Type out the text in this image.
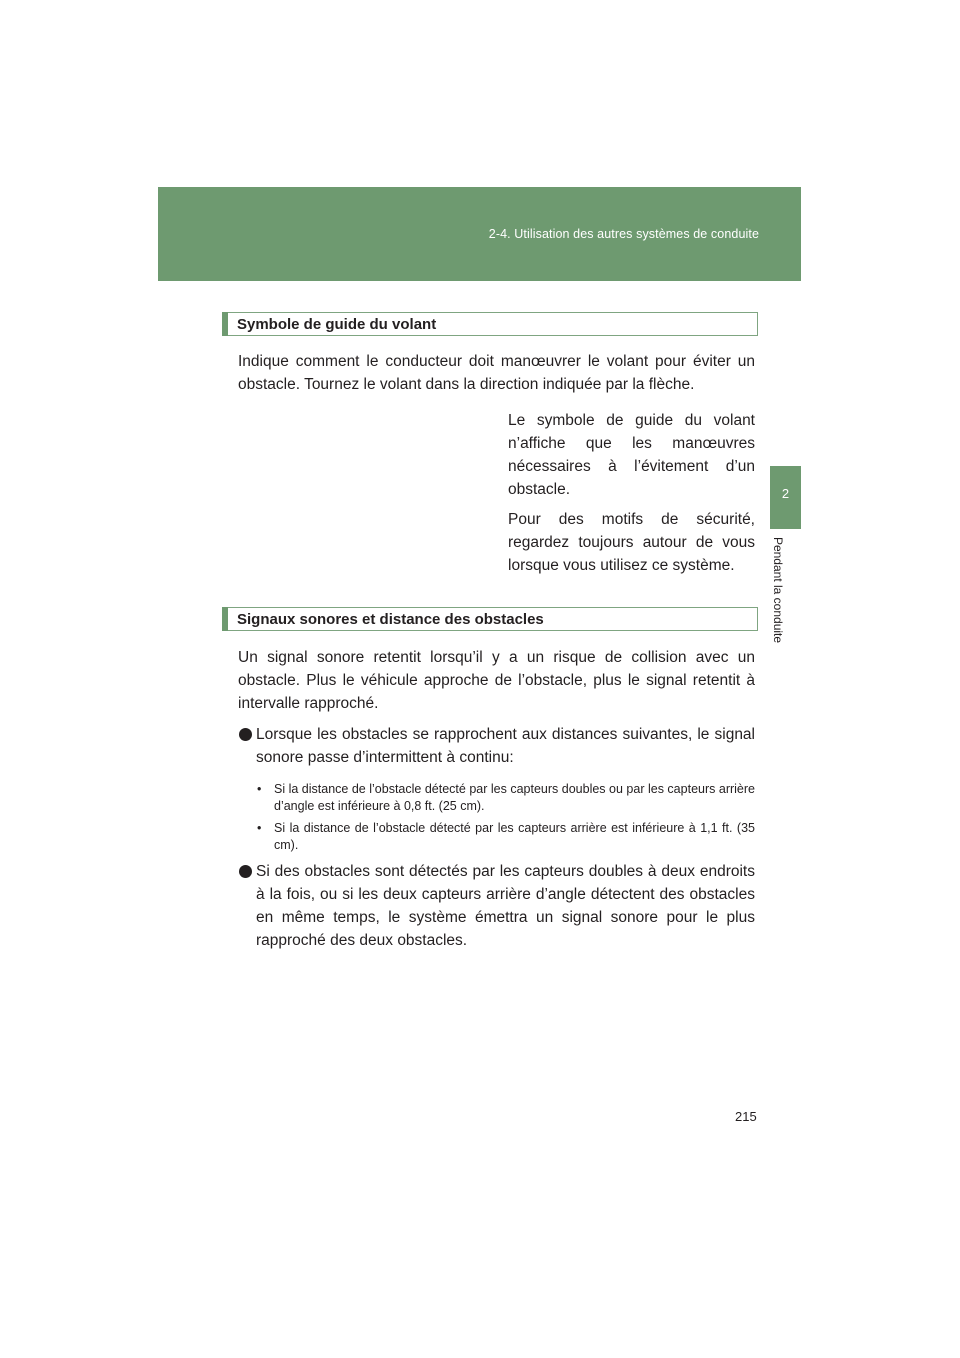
2-4. Utilisation des autres systèmes de conduite
2
Pendant la conduite
Symbole de guide du volant

Indique comment le conducteur doit manœuvrer le volant pour éviter un obstacle. Tournez le volant dans la direction indiquée par la flèche.

Le symbole de guide du volant n’affiche que les manœuvres nécessaires à l’évitement d’un obstacle.

Pour des motifs de sécurité, regardez toujours autour de vous lorsque vous utilisez ce système.

Signaux sonores et distance des obstacles

Un signal sonore retentit lorsqu’il y a un risque de collision avec un obstacle. Plus le véhicule approche de l’obstacle, plus le signal retentit à intervalle rapproché.

Lorsque les obstacles se rapprochent aux distances suivantes, le signal sonore passe d’intermittent à continu:

• Si la distance de l’obstacle détecté par les capteurs doubles ou par les capteurs arrière d’angle est inférieure à 0,8 ft. (25 cm).

• Si la distance de l’obstacle détecté par les capteurs arrière est inférieure à 1,1 ft. (35 cm).

Si des obstacles sont détectés par les capteurs doubles à deux endroits à la fois, ou si les deux capteurs arrière d’angle détectent des obstacles en même temps, le système émettra un signal sonore pour le plus rapproché des deux obstacles.

215
